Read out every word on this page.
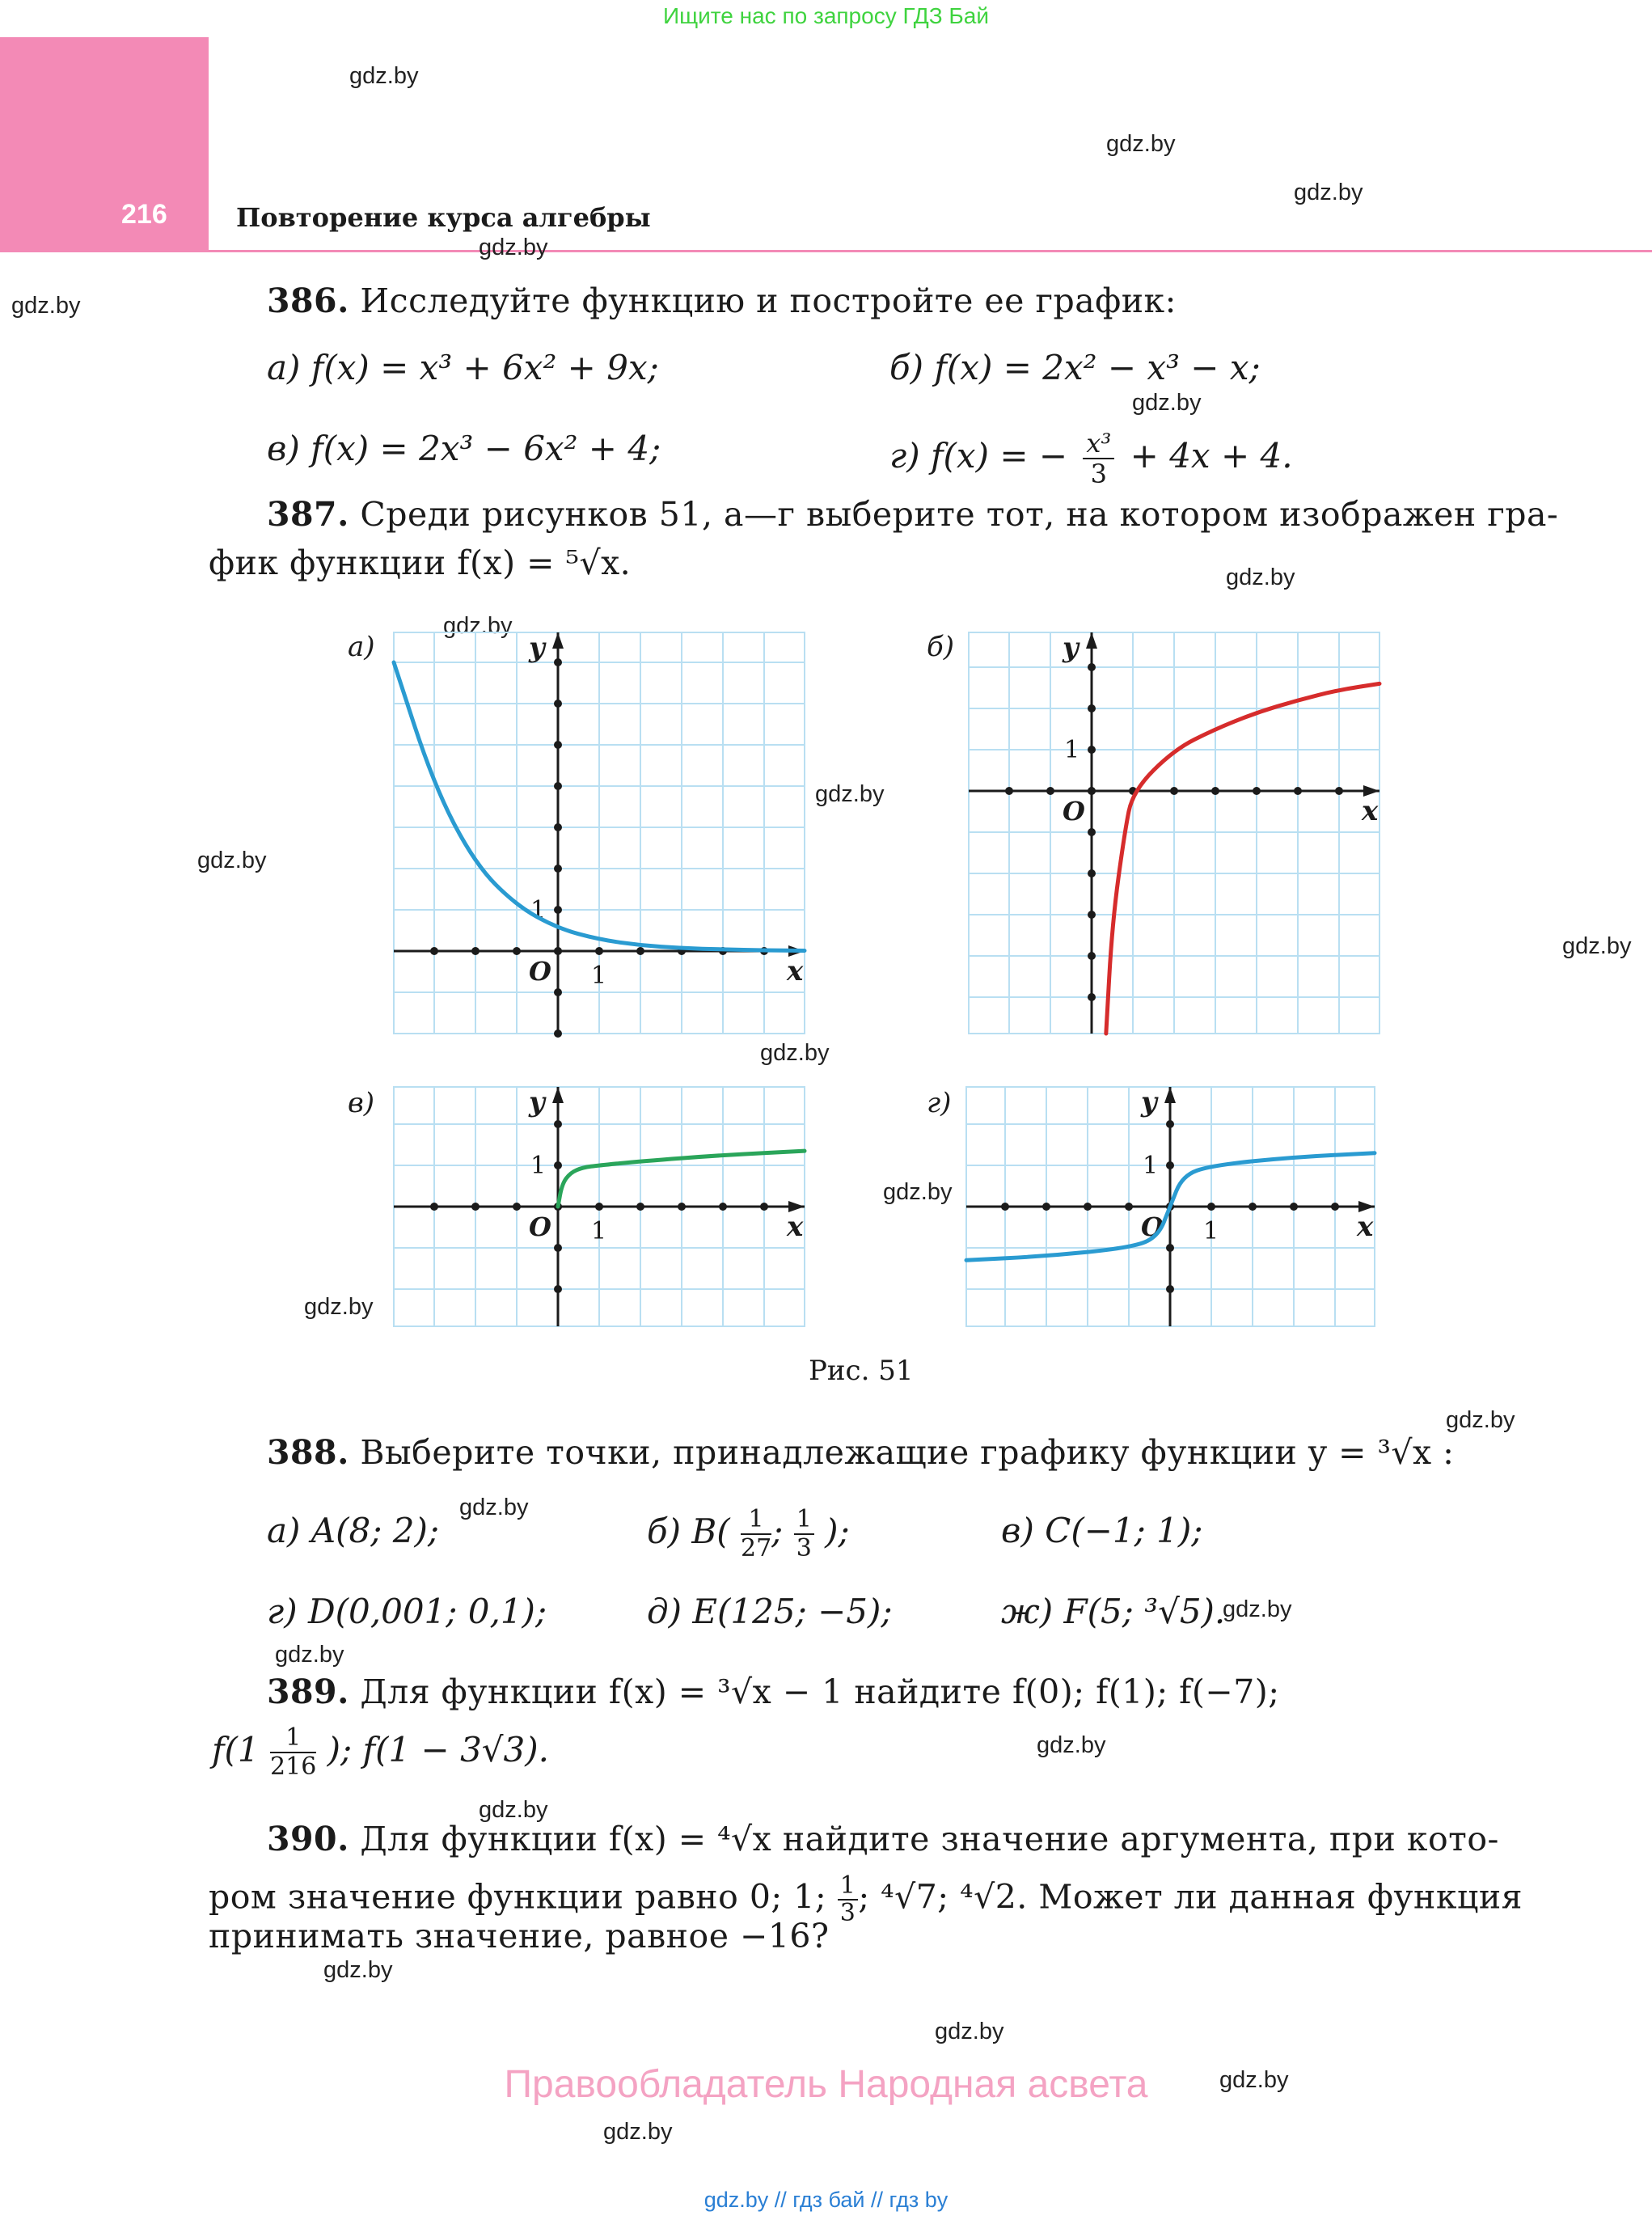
Ищите нас по запросу ГДЗ Бай
216	Повторение курса алгебры
gdz.by
gdz.by
gdz.by
gdz.by
gdz.by
gdz.by
gdz.by
gdz.by
gdz.by
gdz.by
gdz.by
gdz.by
gdz.by
gdz.by
gdz.by
gdz.by
gdz.by
gdz.by
gdz.by
gdz.by
gdz.by
gdz.by
gdz.by
gdz.by
386. Исследуйте функцию и постройте ее график:
а) f(x) = x³ + 6x² + 9x;	б) f(x) = 2x² − x³ − x;
в) f(x) = 2x³ − 6x² + 4;	г) f(x) = − $\frac{\text{x³}}{3} + 4x + 4$.
387. Среди рисунков 51, а—г выберите тот, на котором изображен гра-
фик функции f(x) = ⁵√x.
а)	б)
в)	г)
x
y
O
1
1
x
y
O
1
x
y
O
1
1	x
y
O
1
1
Рис. 51
388. Выберите точки, принадлежащие графику функции y = ³√x :
а) A(8; 2);	б) $B( \frac{1}{27}$ ; $\frac{1}{3}$ );	в) C(−1; 1);
г) D(0,001; 0,1);	д) E(125; −5);	ж) F(5; ³√5).
389. Для функции f(x) = ³√x − 1 найдите f(0); f(1); f(−7);
$f(1 \frac{1}{216}$ ); f(1 − 3√3).
390. Для функции f(x) = ⁴√x найдите значение аргумента, при кото-
ром значение функции равно 0; 1; $\frac{1}{3}$ ; ⁴√7; ⁴√2. Может ли данная функция
принимать значение, равное −16?
Правообладатель Народная асвета
gdz.by // гдз бай // гдз by
